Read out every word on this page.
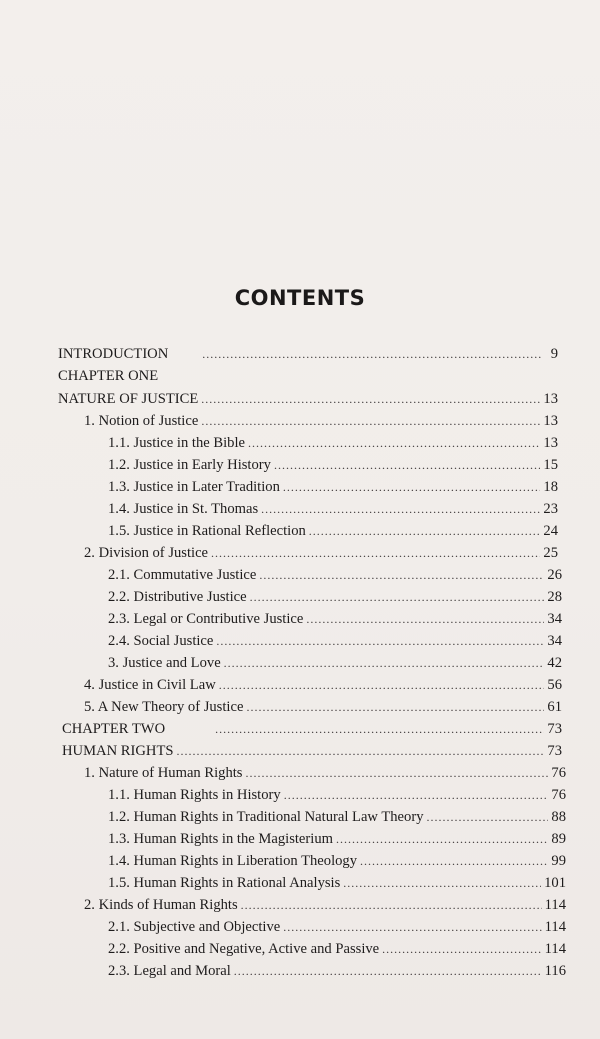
CONTENTS
INTRODUCTION .....	9
CHAPTER ONE
NATURE OF JUSTICE .....	13
1. Notion of Justice .....	13
1.1. Justice in the Bible .....	13
1.2. Justice in Early History .....	15
1.3. Justice in Later Tradition .....	18
1.4. Justice in St. Thomas .....	23
1.5. Justice in Rational Reflection .....	24
2. Division of Justice .....	25
2.1. Commutative Justice .....	26
2.2. Distributive Justice .....	28
2.3. Legal or Contributive Justice .....	34
2.4. Social Justice .....	34
3. Justice and Love .....	42
4. Justice in Civil Law .....	56
5. A New Theory of Justice .....	61
CHAPTER TWO .....	73
HUMAN RIGHTS .....	73
1. Nature of Human Rights .....	76
1.1. Human Rights in History .....	76
1.2. Human Rights in Traditional Natural Law Theory .....	88
1.3. Human Rights in the Magisterium .....	89
1.4. Human Rights in Liberation Theology .....	99
1.5. Human Rights in Rational Analysis .....	101
2. Kinds of Human Rights .....	114
2.1. Subjective and Objective .....	114
2.2. Positive and Negative, Active and Passive .....	114
2.3. Legal and Moral .....	116
